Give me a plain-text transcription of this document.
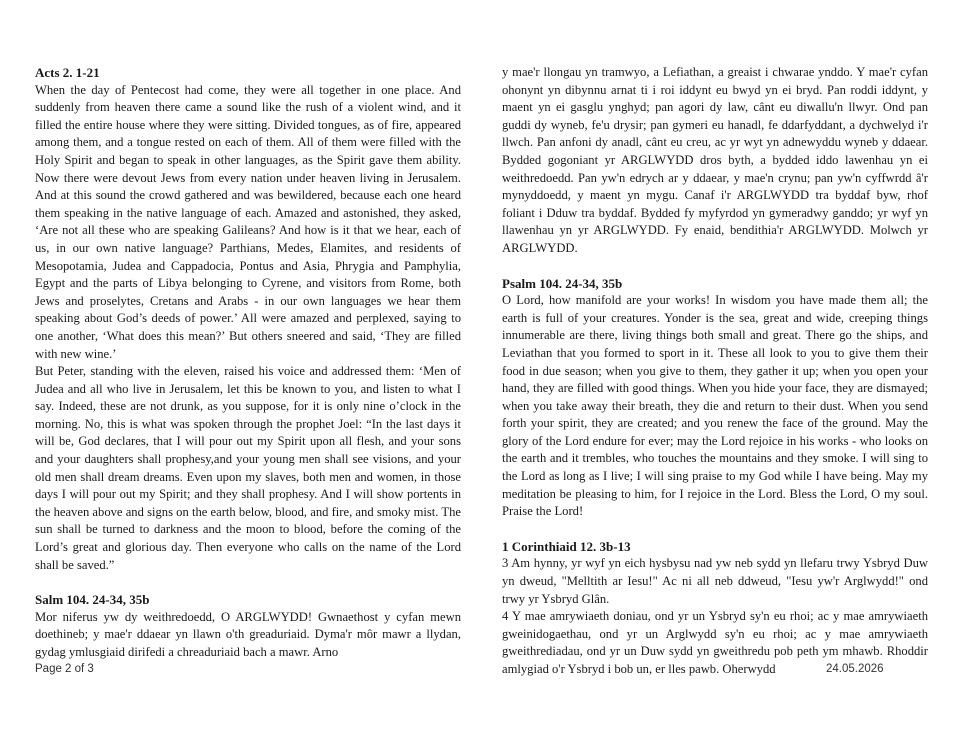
Acts 2. 1-21

When the day of Pentecost had come, they were all together in one place. And suddenly from heaven there came a sound like the rush of a violent wind, and it filled the entire house where they were sitting. Divided tongues, as of fire, appeared among them, and a tongue rested on each of them. All of them were filled with the Holy Spirit and began to speak in other languages, as the Spirit gave them ability. Now there were devout Jews from every nation under heaven living in Jerusalem. And at this sound the crowd gathered and was bewildered, because each one heard them speaking in the native language of each. Amazed and astonished, they asked, ‘Are not all these who are speaking Galileans? And how is it that we hear, each of us, in our own native language? Parthians, Medes, Elamites, and residents of Mesopotamia, Judea and Cappadocia, Pontus and Asia, Phrygia and Pamphylia, Egypt and the parts of Libya belonging to Cyrene, and visitors from Rome, both Jews and proselytes, Cretans and Arabs - in our own languages we hear them speaking about God’s deeds of power.’ All were amazed and perplexed, saying to one another, ‘What does this mean?’ But others sneered and said, ‘They are filled with new wine.’

But Peter, standing with the eleven, raised his voice and addressed them: ‘Men of Judea and all who live in Jerusalem, let this be known to you, and listen to what I say. Indeed, these are not drunk, as you suppose, for it is only nine o’clock in the morning. No, this is what was spoken through the prophet Joel: “In the last days it will be, God declares, that I will pour out my Spirit upon all flesh, and your sons and your daughters shall prophesy,and your young men shall see visions, and your old men shall dream dreams. Even upon my slaves, both men and women, in those days I will pour out my Spirit; and they shall prophesy. And I will show portents in the heaven above and signs on the earth below, blood, and fire, and smoky mist. The sun shall be turned to darkness and the moon to blood, before the coming of the Lord’s great and glorious day. Then everyone who calls on the name of the Lord shall be saved.”

Salm 104. 24-34, 35b

Mor niferus yw dy weithredoedd, O ARGLWYDD! Gwnaethost y cyfan mewn doethineb; y mae'r ddaear yn llawn o'th greaduriaid. Dyma'r môr mawr a llydan, gydag ymlusgiaid dirifedi a chreaduriaid bach a mawr. Arno

y mae'r llongau yn tramwyo, a Lefiathan, a greaist i chwarae ynddo. Y mae'r cyfan ohonynt yn dibynnu arnat ti i roi iddynt eu bwyd yn ei bryd. Pan roddi iddynt, y maent yn ei gasglu ynghyd; pan agori dy law, cânt eu diwallu'n llwyr. Ond pan guddi dy wyneb, fe'u drysir; pan gymeri eu hanadl, fe ddarfyddant, a dychwelyd i'r llwch. Pan anfoni dy anadl, cânt eu creu, ac yr wyt yn adnewyddu wyneb y ddaear. Bydded gogoniant yr ARGLWYDD dros byth, a bydded iddo lawenhau yn ei weithredoedd. Pan yw'n edrych ar y ddaear, y mae'n crynu; pan yw'n cyffwrdd â'r mynyddoedd, y maent yn mygu. Canaf i'r ARGLWYDD tra byddaf byw, rhof foliant i Dduw tra byddaf. Bydded fy myfyrdod yn gymeradwy ganddo; yr wyf yn llawenhau yn yr ARGLWYDD. Fy enaid, bendithia'r ARGLWYDD. Molwch yr ARGLWYDD.

Psalm 104. 24-34, 35b

O Lord, how manifold are your works! In wisdom you have made them all; the earth is full of your creatures. Yonder is the sea, great and wide, creeping things innumerable are there, living things both small and great. There go the ships, and Leviathan that you formed to sport in it. These all look to you to give them their food in due season; when you give to them, they gather it up; when you open your hand, they are filled with good things. When you hide your face, they are dismayed; when you take away their breath, they die and return to their dust. When you send forth your spirit, they are created; and you renew the face of the ground. May the glory of the Lord endure for ever; may the Lord rejoice in his works - who looks on the earth and it trembles, who touches the mountains and they smoke. I will sing to the Lord as long as I live; I will sing praise to my God while I have being. May my meditation be pleasing to him, for I rejoice in the Lord. Bless the Lord, O my soul. Praise the Lord!

1 Corinthiaid 12. 3b-13

3 Am hynny, yr wyf yn eich hysbysu nad yw neb sydd yn llefaru trwy Ysbryd Duw yn dweud, "Melltith ar Iesu!" Ac ni all neb ddweud, "Iesu yw'r Arglwydd!" ond trwy yr Ysbryd Glân.

4 Y mae amrywiaeth doniau, ond yr un Ysbryd sy'n eu rhoi; ac y mae amrywiaeth gweinidogaethau, ond yr un Arglwydd sy'n eu rhoi; ac y mae amrywiaeth gweithrediadau, ond yr un Duw sydd yn gweithredu pob peth ym mhawb. Rhoddir amlygiad o'r Ysbryd i bob un, er lles pawb. Oherwydd

Page 2 of 3	24.05.2026
